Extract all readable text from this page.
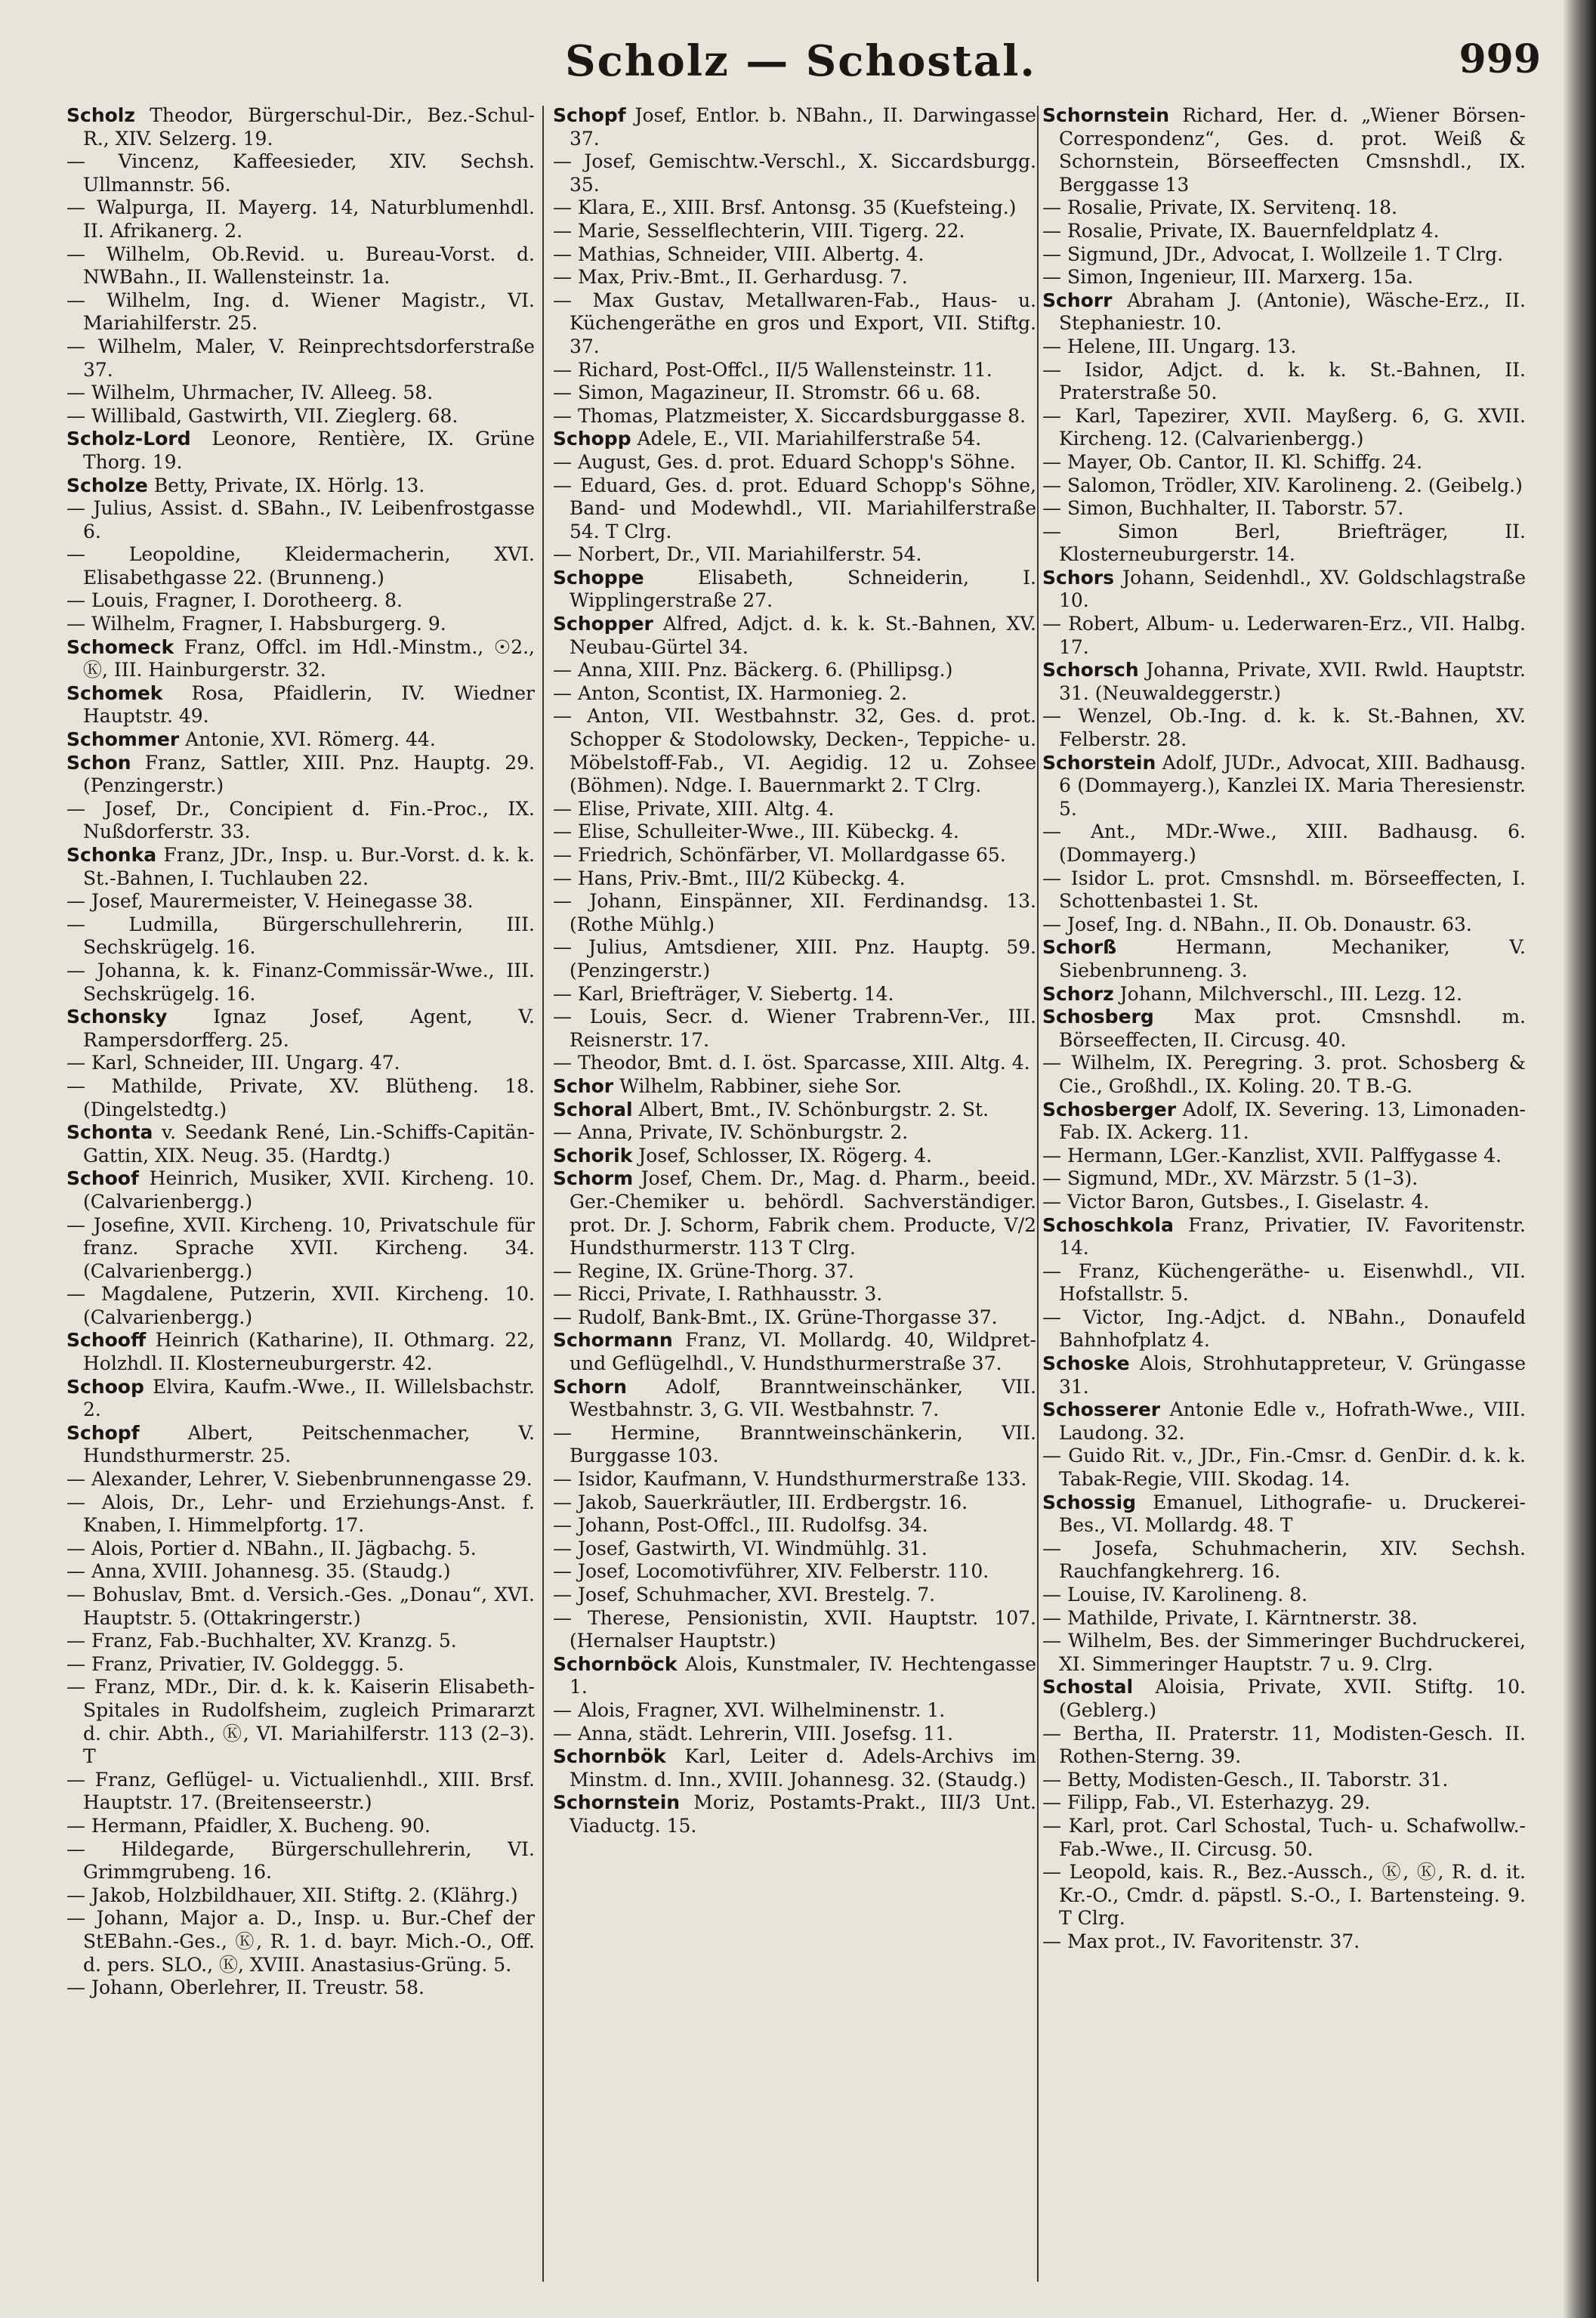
Scholz — Schostal.	999

Scholz Theodor, Bürgerschul-Dir., Bez.-Schul-R., XIV. Selzerg. 19.

— Vincenz, Kaffeesieder, XIV. Sechsh. Ullmannstr. 56.

— Walpurga, II. Mayerg. 14, Naturblumenhdl. II. Afrikanerg. 2.

— Wilhelm, Ob.Revid. u. Bureau-Vorst. d. NWBahn., II. Wallensteinstr. 1a.

— Wilhelm, Ing. d. Wiener Magistr., VI. Mariahilferstr. 25.

— Wilhelm, Maler, V. Reinprechtsdorferstraße 37.

— Wilhelm, Uhrmacher, IV. Alleeg. 58.

— Willibald, Gastwirth, VII. Zieglerg. 68.

Scholz-Lord Leonore, Rentière, IX. Grüne Thorg. 19.

Scholze Betty, Private, IX. Hörlg. 13.

— Julius, Assist. d. SBahn., IV. Leibenfrostgasse 6.

— Leopoldine, Kleidermacherin, XVI. Elisabethgasse 22. (Brunneng.)

— Louis, Fragner, I. Dorotheerg. 8.

— Wilhelm, Fragner, I. Habsburgerg. 9.

Schomeck Franz, Offcl. im Hdl.-Minstm., ☉2., Ⓚ, III. Hainburgerstr. 32.

Schomek Rosa, Pfaidlerin, IV. Wiedner Hauptstr. 49.

Schommer Antonie, XVI. Römerg. 44.

Schon Franz, Sattler, XIII. Pnz. Hauptg. 29. (Penzingerstr.)

— Josef, Dr., Concipient d. Fin.-Proc., IX. Nußdorferstr. 33.

Schonka Franz, JDr., Insp. u. Bur.-Vorst. d. k. k. St.-Bahnen, I. Tuchlauben 22.

— Josef, Maurermeister, V. Heinegasse 38.

— Ludmilla, Bürgerschullehrerin, III. Sechskrügelg. 16.

— Johanna, k. k. Finanz-Commissär-Wwe., III. Sechskrügelg. 16.

Schonsky Ignaz Josef, Agent, V. Rampersdorfferg. 25.

— Karl, Schneider, III. Ungarg. 47.

— Mathilde, Private, XV. Blütheng. 18. (Dingelstedtg.)

Schonta v. Seedank René, Lin.-Schiffs-Capitän-Gattin, XIX. Neug. 35. (Hardtg.)

Schoof Heinrich, Musiker, XVII. Kircheng. 10. (Calvarienbergg.)

— Josefine, XVII. Kircheng. 10, Privatschule für franz. Sprache XVII. Kircheng. 34. (Calvarienbergg.)

— Magdalene, Putzerin, XVII. Kircheng. 10. (Calvarienbergg.)

Schooff Heinrich (Katharine), II. Othmarg. 22, Holzhdl. II. Klosterneuburgerstr. 42.

Schoop Elvira, Kaufm.-Wwe., II. Willelsbachstr. 2.

Schopf	Albert, Peitschenmacher, V. Hundsthurmerstr. 25.

— Alexander, Lehrer, V. Siebenbrunnengasse 29.

— Alois, Dr., Lehr- und Erziehungs-Anst. f. Knaben, I. Himmelpfortg. 17.

— Alois, Portier d. NBahn., II. Jägbachg. 5.

— Anna, XVIII. Johannesg. 35. (Staudg.)

— Bohuslav, Bmt. d. Versich.-Ges. „Donau“, XVI. Hauptstr. 5. (Ottakringerstr.)

— Franz, Fab.-Buchhalter, XV. Kranzg. 5.

— Franz, Privatier, IV. Goldeggg. 5.

— Franz, MDr., Dir. d. k. k. Kaiserin Elisabeth-Spitales in Rudolfsheim, zugleich Primararzt d. chir. Abth., Ⓚ, VI. Mariahilferstr. 113 (2–3). T

— Franz, Geflügel- u. Victualienhdl., XIII. Brsf. Hauptstr. 17. (Breitenseerstr.)

— Hermann, Pfaidler, X. Bucheng. 90.

— Hildegarde, Bürgerschullehrerin, VI. Grimmgrubeng. 16.

— Jakob, Holzbildhauer, XII. Stiftg. 2. (Klährg.)

— Johann, Major a. D., Insp. u. Bur.-Chef der StEBahn.-Ges., Ⓚ, R. 1. d. bayr. Mich.-O., Off. d. pers. SLO., Ⓚ, XVIII. Anastasius-Grüng. 5.

— Johann, Oberlehrer, II. Treustr. 58.

Schopf Josef, Entlor. b. NBahn., II. Darwingasse 37.

— Josef, Gemischtw.-Verschl., X. Siccardsburgg. 35.

— Klara, E., XIII. Brsf. Antonsg. 35 (Kuefsteing.)

— Marie, Sesselflechterin, VIII. Tigerg. 22.

— Mathias, Schneider, VIII. Albertg. 4.

— Max, Priv.-Bmt., II. Gerhardusg. 7.

— Max Gustav, Metallwaren-Fab., Haus- u. Küchengeräthe en gros und Export, VII. Stiftg. 37.

— Richard, Post-Offcl., II/5 Wallensteinstr. 11.

— Simon, Magazineur, II. Stromstr. 66 u. 68.

— Thomas, Platzmeister, X. Siccardsburggasse 8.

Schopp Adele, E., VII. Mariahilferstraße 54.

— August, Ges. d. prot. Eduard Schopp's Söhne.

— Eduard, Ges. d. prot. Eduard Schopp's Söhne, Band- und Modewhdl., VII. Mariahilferstraße 54. T Clrg.

— Norbert, Dr., VII. Mariahilferstr. 54.

Schoppe	Elisabeth, Schneiderin, I. Wipplingerstraße 27.

Schopper Alfred, Adjct. d. k. k. St.-Bahnen, XV. Neubau-Gürtel 34.

— Anna, XIII. Pnz. Bäckerg. 6. (Phillipsg.)

— Anton, Scontist, IX. Harmonieg. 2.

— Anton, VII. Westbahnstr. 32, Ges. d. prot. Schopper & Stodolowsky, Decken-, Teppiche- u. Möbelstoff-Fab., VI. Aegidig. 12 u. Zohsee (Böhmen). Ndge. I. Bauernmarkt 2. T Clrg.

— Elise, Private, XIII. Altg. 4.

— Elise, Schulleiter-Wwe., III. Kübeckg. 4.

— Friedrich, Schönfärber, VI. Mollardgasse 65.

— Hans, Priv.-Bmt., III/2 Kübeckg. 4.

— Johann, Einspänner, XII. Ferdinandsg. 13. (Rothe Mühlg.)

— Julius, Amtsdiener, XIII. Pnz. Hauptg. 59. (Penzingerstr.)

— Karl, Briefträger, V. Siebertg. 14.

— Louis, Secr. d. Wiener Trabrenn-Ver., III. Reisnerstr. 17.

— Theodor, Bmt. d. I. öst. Sparcasse, XIII. Altg. 4.

Schor Wilhelm, Rabbiner, siehe Sor.

Schoral Albert, Bmt., IV. Schönburgstr. 2. St.

— Anna, Private, IV. Schönburgstr. 2.

Schorik Josef, Schlosser, IX. Rögerg. 4.

Schorm Josef, Chem. Dr., Mag. d. Pharm., beeid. Ger.-Chemiker u. behördl. Sachverständiger. prot. Dr. J. Schorm, Fabrik chem. Producte, V/2 Hundsthurmerstr. 113 T Clrg.

— Regine, IX. Grüne-Thorg. 37.

— Ricci, Private, I. Rathhausstr. 3.

— Rudolf, Bank-Bmt., IX. Grüne-Thorgasse 37.

Schormann Franz, VI. Mollardg. 40, Wildpret- und Geflügelhdl., V. Hundsthurmerstraße 37.

Schorn Adolf, Branntweinschänker, VII. Westbahnstr. 3, G. VII. Westbahnstr. 7.

— Hermine, Branntweinschänkerin, VII. Burggasse 103.

— Isidor, Kaufmann, V. Hundsthurmerstraße 133.

— Jakob, Sauerkräutler, III. Erdbergstr. 16.

— Johann, Post-Offcl., III. Rudolfsg. 34.

— Josef, Gastwirth, VI. Windmühlg. 31.

— Josef, Locomotivführer, XIV. Felberstr. 110.

— Josef, Schuhmacher, XVI. Brestelg. 7.

— Therese, Pensionistin, XVII. Hauptstr. 107. (Hernalser Hauptstr.)

Schornböck Alois, Kunstmaler, IV. Hechtengasse 1.

— Alois, Fragner, XVI. Wilhelminenstr. 1.

— Anna, städt. Lehrerin, VIII. Josefsg. 11.

Schornbök Karl, Leiter d. Adels-Archivs im Minstm. d. Inn., XVIII. Johannesg. 32. (Staudg.)

Schornstein Moriz, Postamts-Prakt., III/3 Unt. Viaductg. 15.

Schornstein Richard, Her. d. „Wiener Börsen-Correspondenz“, Ges. d. prot. Weiß & Schornstein, Börseeffecten Cmsnshdl., IX. Berggasse 13

— Rosalie, Private, IX. Servitenq. 18.

— Rosalie, Private, IX. Bauernfeldplatz 4.

— Sigmund, JDr., Advocat, I. Wollzeile 1. T Clrg.

— Simon, Ingenieur, III. Marxerg. 15a.

Schorr Abraham J. (Antonie), Wäsche-Erz., II. Stephaniestr. 10.

— Helene, III. Ungarg. 13.

— Isidor, Adjct. d. k. k. St.-Bahnen, II. Praterstraße 50.

— Karl, Tapezirer, XVII. Mayßerg. 6, G. XVII. Kircheng. 12. (Calvarienbergg.)

— Mayer, Ob. Cantor, II. Kl. Schiffg. 24.

— Salomon, Trödler, XIV. Karolineng. 2. (Geibelg.)

— Simon, Buchhalter, II. Taborstr. 57.

— Simon Berl, Briefträger, II. Klosterneuburgerstr. 14.

Schors Johann, Seidenhdl., XV. Goldschlagstraße 10.

— Robert, Album- u. Lederwaren-Erz., VII. Halbg. 17.

Schorsch Johanna, Private, XVII. Rwld. Hauptstr. 31. (Neuwaldeggerstr.)

— Wenzel, Ob.-Ing. d. k. k. St.-Bahnen, XV. Felberstr. 28.

Schorstein Adolf, JUDr., Advocat, XIII. Badhausg. 6 (Dommayerg.), Kanzlei IX. Maria Theresienstr. 5.

— Ant., MDr.-Wwe., XIII. Badhausg. 6. (Dommayerg.)

— Isidor L. prot. Cmsnshdl. m. Börseeffecten, I. Schottenbastei 1. St.

— Josef, Ing. d. NBahn., II. Ob. Donaustr. 63.

Schorß	Hermann, Mechaniker, V. Siebenbrunneng. 3.

Schorz Johann, Milchverschl., III. Lezg. 12.

Schosberg Max prot. Cmsnshdl. m. Börseeffecten, II. Circusg. 40.

— Wilhelm, IX. Peregring. 3. prot. Schosberg & Cie., Großhdl., IX. Koling. 20. T B.-G.

Schosberger Adolf, IX. Severing. 13, Limonaden-Fab. IX. Ackerg. 11.

— Hermann, LGer.-Kanzlist, XVII. Palffygasse 4.

— Sigmund, MDr., XV. Märzstr. 5 (1–3).

— Victor Baron, Gutsbes., I. Giselastr. 4.

Schoschkola Franz, Privatier, IV. Favoritenstr. 14.

— Franz, Küchengeräthe- u. Eisenwhdl., VII. Hofstallstr. 5.

— Victor, Ing.-Adjct. d. NBahn., Donaufeld Bahnhofplatz 4.

Schoske Alois, Strohhutappreteur, V. Grüngasse 31.

Schosserer Antonie Edle v., Hofrath-Wwe., VIII. Laudong. 32.

— Guido Rit. v., JDr., Fin.-Cmsr. d. GenDir. d. k. k. Tabak-Regie, VIII. Skodag. 14.

Schossig Emanuel, Lithografie- u. Druckerei-Bes., VI. Mollardg. 48. T

— Josefa, Schuhmacherin, XIV. Sechsh. Rauchfangkehrerg. 16.

— Louise, IV. Karolineng. 8.

— Mathilde, Private, I. Kärntnerstr. 38.

— Wilhelm, Bes. der Simmeringer Buchdruckerei, XI. Simmeringer Hauptstr. 7 u. 9. Clrg.

Schostal Aloisia, Private, XVII. Stiftg. 10. (Geblerg.)

— Bertha, II. Praterstr. 11, Modisten-Gesch. II. Rothen-Sterng. 39.

— Betty, Modisten-Gesch., II. Taborstr. 31.

— Filipp, Fab., VI. Esterhazyg. 29.

— Karl, prot. Carl Schostal, Tuch- u. Schafwollw.-Fab.-Wwe., II. Circusg. 50.

— Leopold, kais. R., Bez.-Aussch., Ⓚ, Ⓚ, R. d. it. Kr.-O., Cmdr. d. päpstl. S.-O., I. Bartensteing. 9. T Clrg.

— Max prot., IV. Favoritenstr. 37.
